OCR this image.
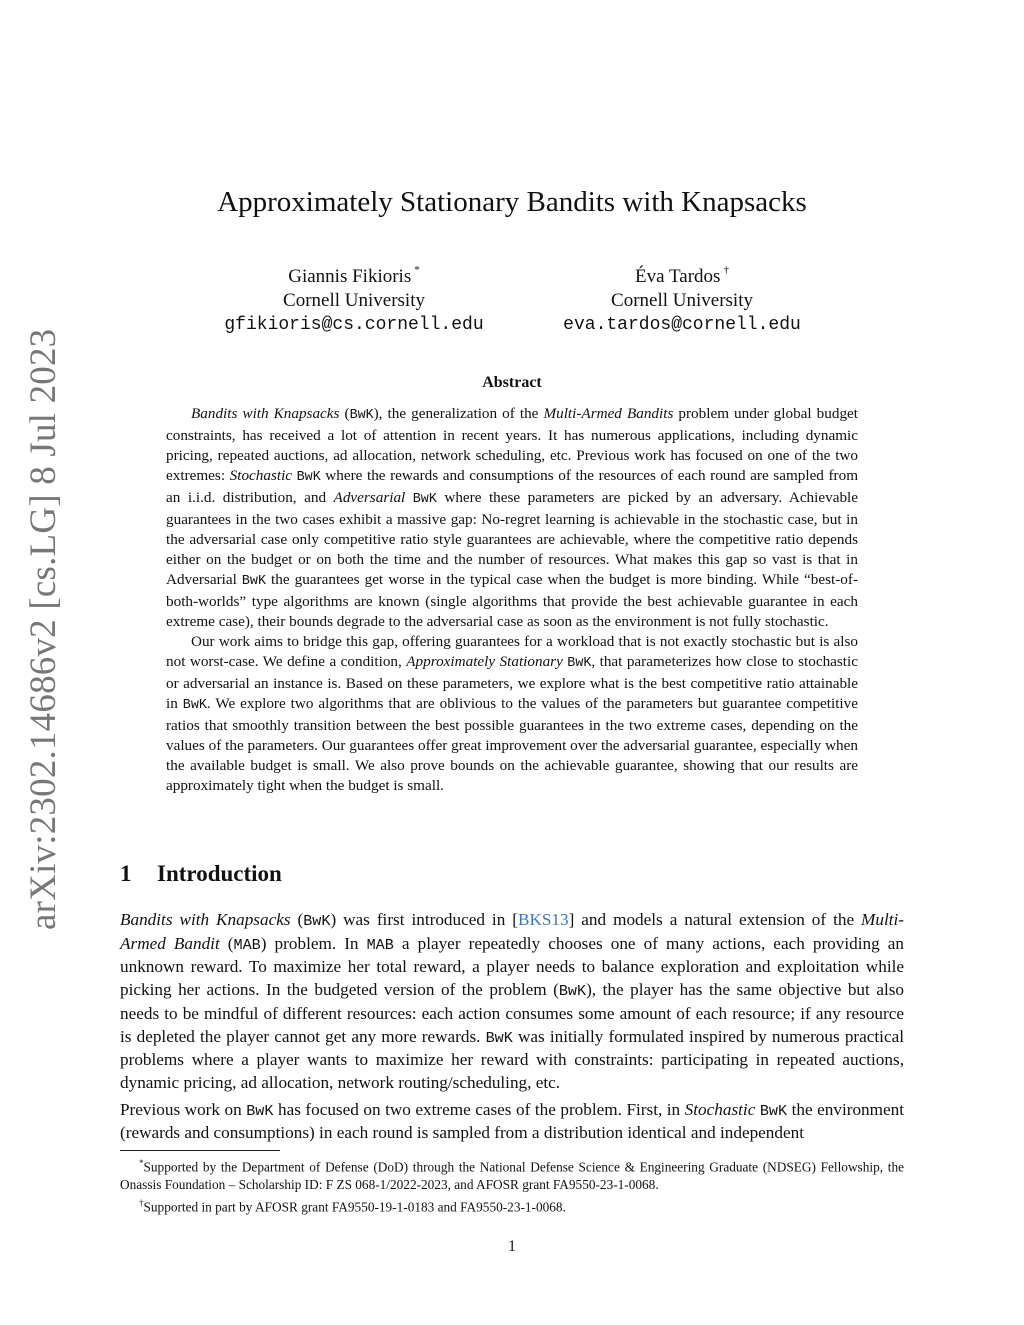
arXiv:2302.14686v2 [cs.LG] 8 Jul 2023
Approximately Stationary Bandits with Knapsacks
Giannis Fikioris *
Cornell University
gfikioris@cs.cornell.edu
Éva Tardos †
Cornell University
eva.tardos@cornell.edu
Abstract

Bandits with Knapsacks (BwK), the generalization of the Multi-Armed Bandits problem under global budget constraints, has received a lot of attention in recent years. It has numerous applications, including dynamic pricing, repeated auctions, ad allocation, network scheduling, etc. Previous work has focused on one of the two extremes: Stochastic BwK where the rewards and consumptions of the resources of each round are sampled from an i.i.d. distribution, and Adversarial BwK where these parameters are picked by an adversary. Achievable guarantees in the two cases exhibit a massive gap: No-regret learning is achievable in the stochastic case, but in the adversarial case only competitive ratio style guarantees are achievable, where the competitive ratio depends either on the budget or on both the time and the number of resources. What makes this gap so vast is that in Adversarial BwK the guarantees get worse in the typical case when the budget is more binding. While “best-of-both-worlds” type algorithms are known (single algorithms that provide the best achievable guarantee in each extreme case), their bounds degrade to the adversarial case as soon as the environment is not fully stochastic.

Our work aims to bridge this gap, offering guarantees for a workload that is not exactly stochastic but is also not worst-case. We define a condition, Approximately Stationary BwK, that parameterizes how close to stochastic or adversarial an instance is. Based on these parameters, we explore what is the best competitive ratio attainable in BwK. We explore two algorithms that are oblivious to the values of the parameters but guarantee competitive ratios that smoothly transition between the best possible guarantees in the two extreme cases, depending on the values of the parameters. Our guarantees offer great improvement over the adversarial guarantee, especially when the available budget is small. We also prove bounds on the achievable guarantee, showing that our results are approximately tight when the budget is small.

1 Introduction

Bandits with Knapsacks (BwK) was first introduced in [BKS13] and models a natural extension of the Multi-Armed Bandit (MAB) problem. In MAB a player repeatedly chooses one of many actions, each providing an unknown reward. To maximize her total reward, a player needs to balance exploration and exploitation while picking her actions. In the budgeted version of the problem (BwK), the player has the same objective but also needs to be mindful of different resources: each action consumes some amount of each resource; if any resource is depleted the player cannot get any more rewards. BwK was initially formulated inspired by numerous practical problems where a player wants to maximize her reward with constraints: participating in repeated auctions, dynamic pricing, ad allocation, network routing/scheduling, etc.

Previous work on BwK has focused on two extreme cases of the problem. First, in Stochastic BwK the environment (rewards and consumptions) in each round is sampled from a distribution identical and independent

*Supported by the Department of Defense (DoD) through the National Defense Science & Engineering Graduate (NDSEG) Fellowship, the Onassis Foundation – Scholarship ID: F ZS 068-1/2022-2023, and AFOSR grant FA9550-23-1-0068.

†Supported in part by AFOSR grant FA9550-19-1-0183 and FA9550-23-1-0068.

1
